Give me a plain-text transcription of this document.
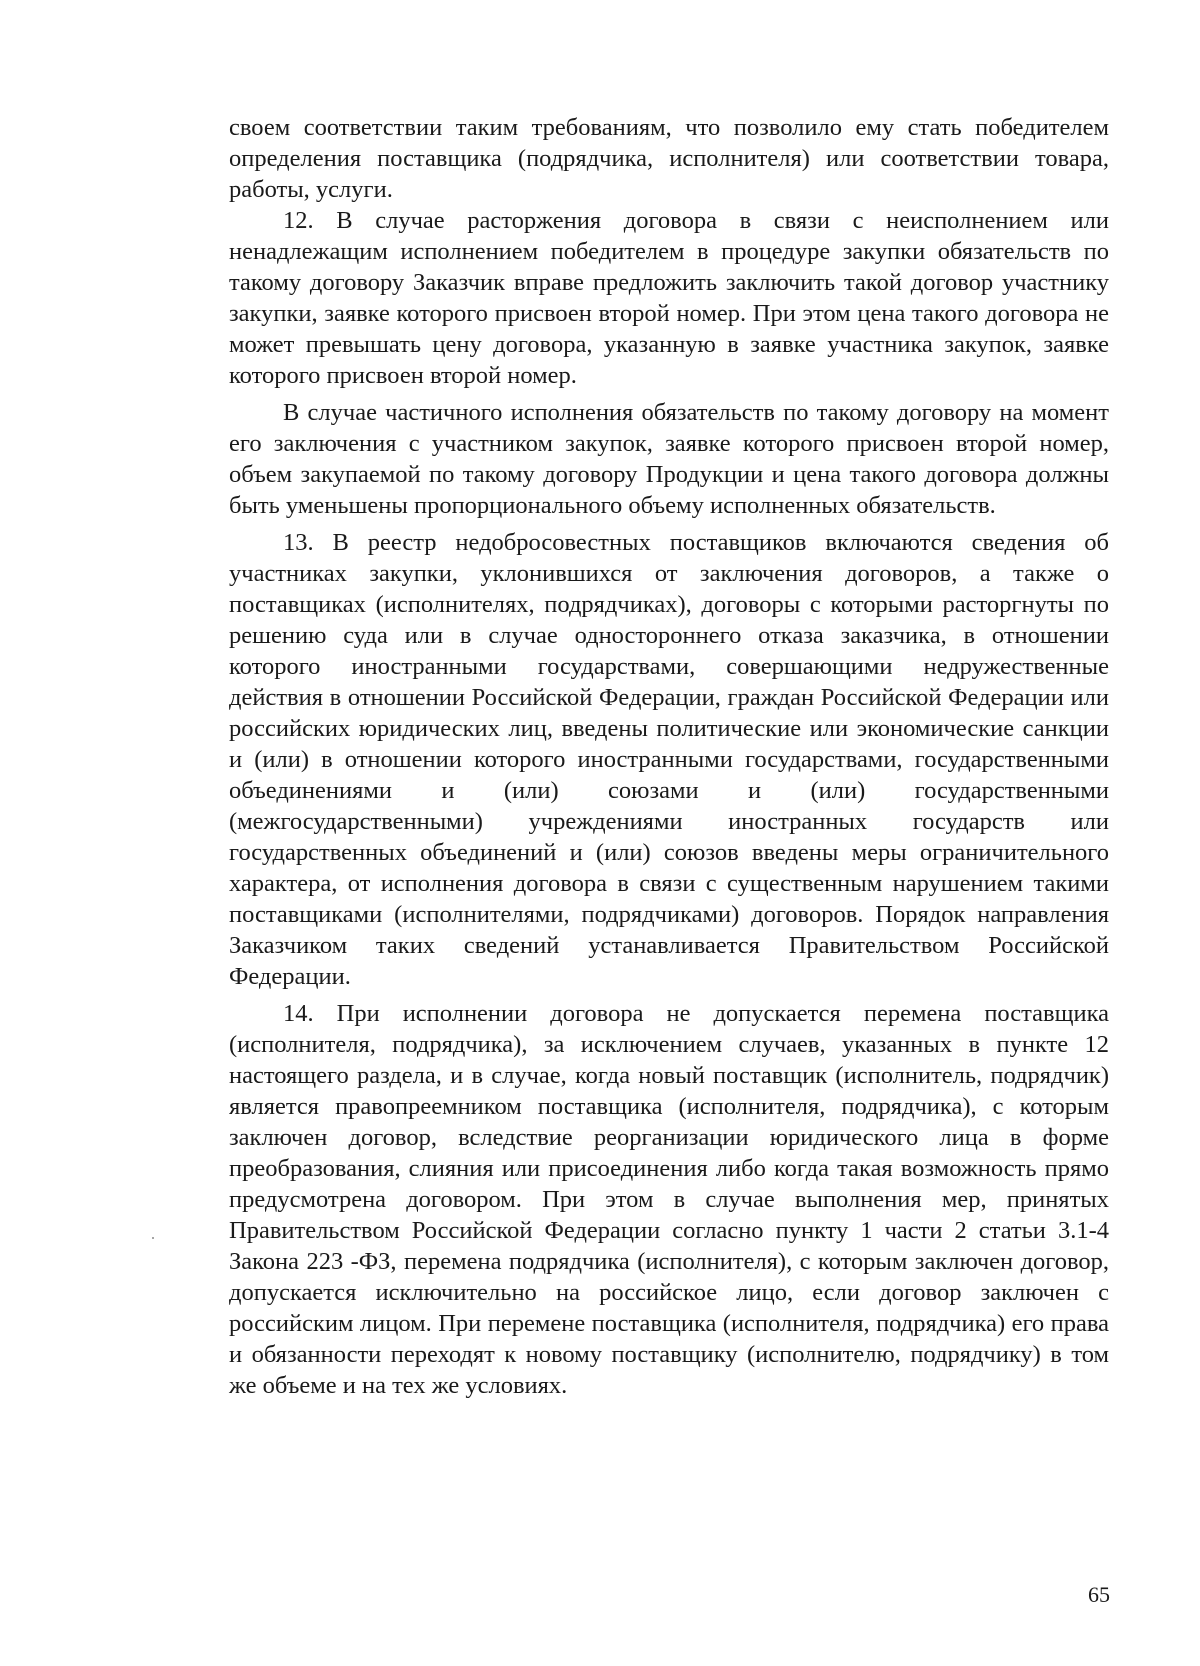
своем соответствии таким требованиям, что позволило ему стать победителем определения поставщика (подрядчика, исполнителя) или соответствии товара, работы, услуги.

12. В случае расторжения договора в связи с неисполнением или ненадлежащим исполнением победителем в процедуре закупки обязательств по такому договору Заказчик вправе предложить заключить такой договор участнику закупки, заявке которого присвоен второй номер. При этом цена такого договора не может превышать цену договора, указанную в заявке участника закупок, заявке которого присвоен второй номер.

В случае частичного исполнения обязательств по такому договору на момент его заключения с участником закупок, заявке которого присвоен второй номер, объем закупаемой по такому договору Продукции и цена такого договора должны быть уменьшены пропорционального объему исполненных обязательств.

13. В реестр недобросовестных поставщиков включаются сведения об участниках закупки, уклонившихся от заключения договоров, а также о поставщиках (исполнителях, подрядчиках), договоры с которыми расторгнуты по решению суда или в случае одностороннего отказа заказчика, в отношении которого иностранными государствами, совершающими недружественные действия в отношении Российской Федерации, граждан Российской Федерации или российских юридических лиц, введены политические или экономические санкции и (или) в отношении которого иностранными государствами, государственными объединениями и (или) союзами и (или) государственными (межгосударственными) учреждениями иностранных государств или государственных объединений и (или) союзов введены меры ограничительного характера, от исполнения договора в связи с существенным нарушением такими поставщиками (исполнителями, подрядчиками) договоров. Порядок направления Заказчиком таких сведений устанавливается Правительством Российской Федерации.

14. При исполнении договора не допускается перемена поставщика (исполнителя, подрядчика), за исключением случаев, указанных в пункте 12 настоящего раздела, и в случае, когда новый поставщик (исполнитель, подрядчик) является правопреемником поставщика (исполнителя, подрядчика), с которым заключен договор, вследствие реорганизации юридического лица в форме преобразования, слияния или присоединения либо когда такая возможность прямо предусмотрена договором. При этом в случае выполнения мер, принятых Правительством Российской Федерации согласно пункту 1 части 2 статьи 3.1-4 Закона 223 -ФЗ, перемена подрядчика (исполнителя), с которым заключен договор, допускается исключительно на российское лицо, если договор заключен с российским лицом. При перемене поставщика (исполнителя, подрядчика) его права и обязанности переходят к новому поставщику (исполнителю, подрядчику) в том же объеме и на тех же условиях.

65
